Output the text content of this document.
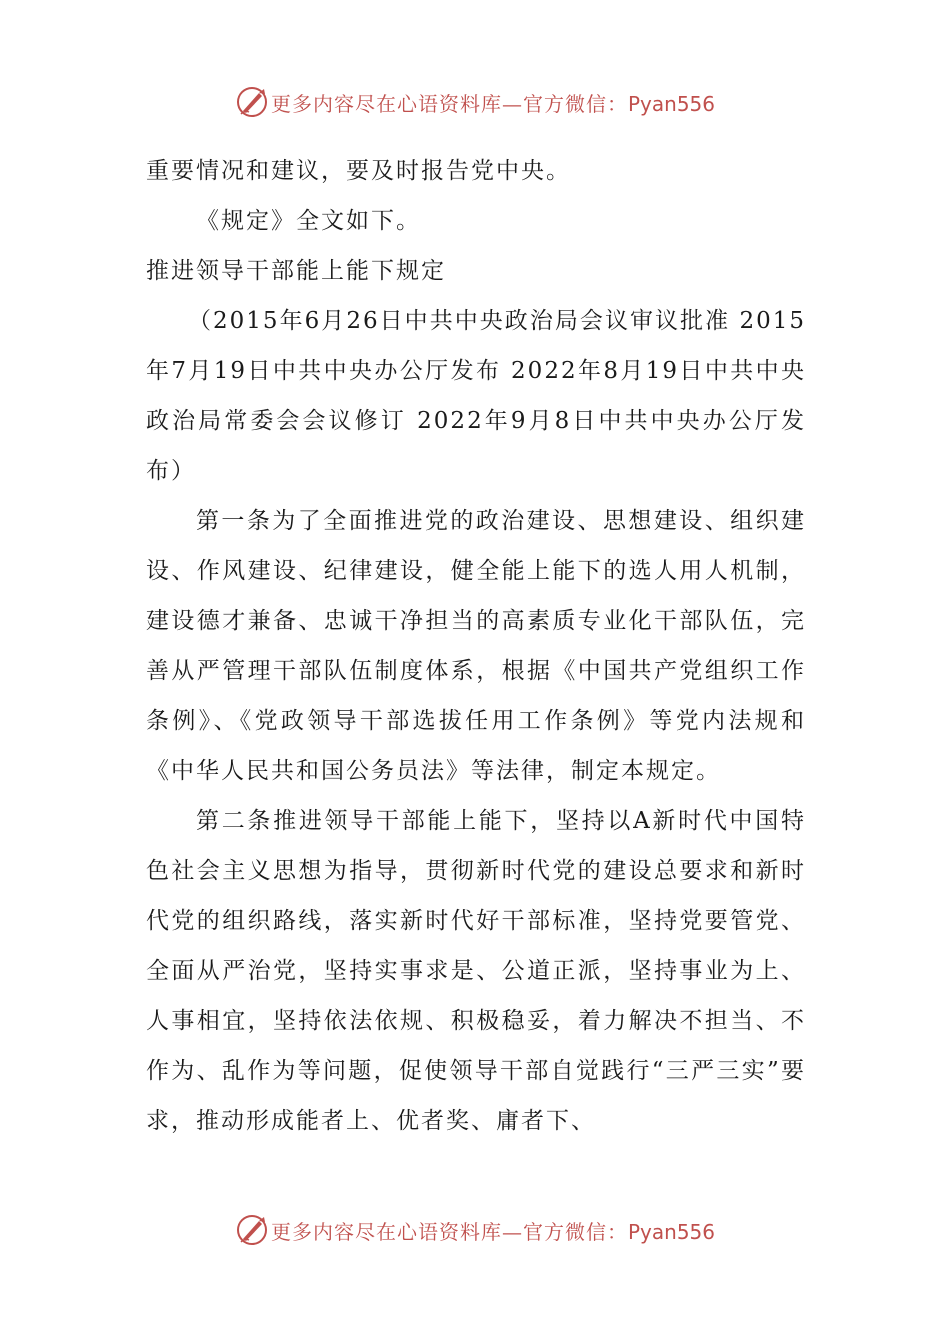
更多内容尽在心语资料库—官方微信：Pyan556

重要情况和建议，要及时报告党中央。

《规定》全文如下。

推进领导干部能上能下规定

（2015年6月26日中共中央政治局会议审议批准 2015年7月19日中共中央办公厅发布 2022年8月19日中共中央政治局常委会会议修订 2022年9月8日中共中央办公厅发布）

第一条为了全面推进党的政治建设、思想建设、组织建设、作风建设、纪律建设，健全能上能下的选人用人机制，建设德才兼备、忠诚干净担当的高素质专业化干部队伍，完善从严管理干部队伍制度体系，根据《中国共产党组织工作条例》、《党政领导干部选拔任用工作条例》等党内法规和《中华人民共和国公务员法》等法律，制定本规定。

第二条推进领导干部能上能下，坚持以A新时代中国特色社会主义思想为指导，贯彻新时代党的建设总要求和新时代党的组织路线，落实新时代好干部标准，坚持党要管党、全面从严治党，坚持实事求是、公道正派，坚持事业为上、人事相宜，坚持依法依规、积极稳妥，着力解决不担当、不作为、乱作为等问题，促使领导干部自觉践行“三严三实”要求，推动形成能者上、优者奖、庸者下、

更多内容尽在心语资料库—官方微信：Pyan556
